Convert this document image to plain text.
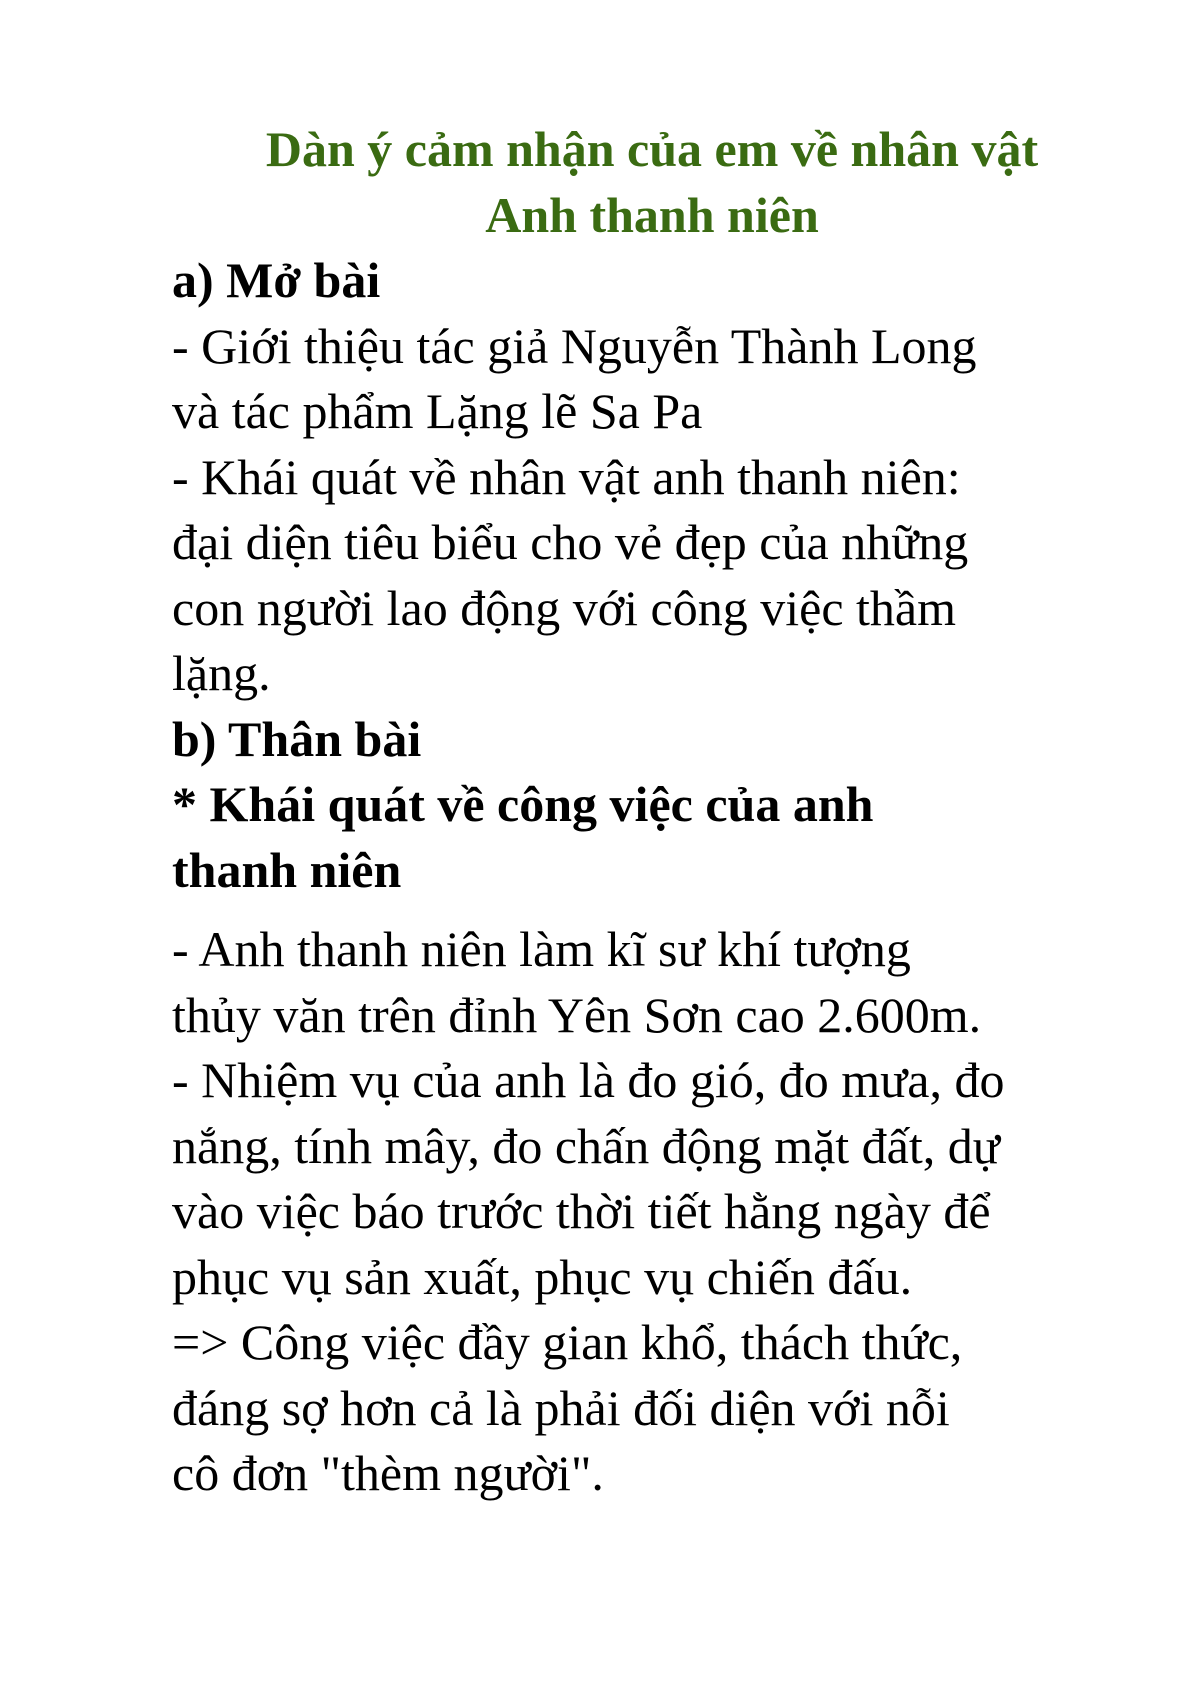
Dàn ý cảm nhận của em về nhân vật

Anh thanh niên

a) Mở bài

- Giới thiệu tác giả Nguyễn Thành Long

và tác phẩm Lặng lẽ Sa Pa

- Khái quát về nhân vật anh thanh niên:

đại diện tiêu biểu cho vẻ đẹp của những

con người lao động với công việc thầm

lặng.

b) Thân bài

* Khái quát về công việc của anh

thanh niên

- Anh thanh niên làm kĩ sư khí tượng

thủy văn trên đỉnh Yên Sơn cao 2.600m.

- Nhiệm vụ của anh là đo gió, đo mưa, đo

nắng, tính mây, đo chấn động mặt đất, dự

vào việc báo trước thời tiết hằng ngày để

phục vụ sản xuất, phục vụ chiến đấu.

=> Công việc đầy gian khổ, thách thức,

đáng sợ hơn cả là phải đối diện với nỗi

cô đơn "thèm người".
